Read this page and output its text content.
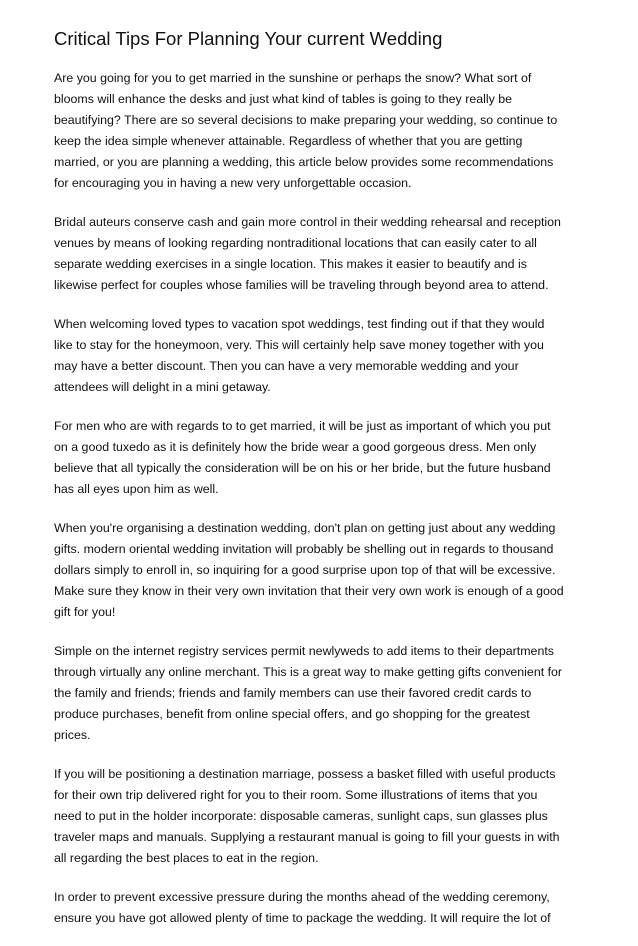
Critical Tips For Planning Your current Wedding

Are you going for you to get married in the sunshine or perhaps the snow? What sort of
blooms will enhance the desks and just what kind of tables is going to they really be
beautifying? There are so several decisions to make preparing your wedding, so continue to
keep the idea simple whenever attainable. Regardless of whether that you are getting
married, or you are planning a wedding, this article below provides some recommendations
for encouraging you in having a new very unforgettable occasion.

Bridal auteurs conserve cash and gain more control in their wedding rehearsal and reception
venues by means of looking regarding nontraditional locations that can easily cater to all
separate wedding exercises in a single location. This makes it easier to beautify and is
likewise perfect for couples whose families will be traveling through beyond area to attend.

When welcoming loved types to vacation spot weddings, test finding out if that they would
like to stay for the honeymoon, very. This will certainly help save money together with you
may have a better discount. Then you can have a very memorable wedding and your
attendees will delight in a mini getaway.

For men who are with regards to to get married, it will be just as important of which you put
on a good tuxedo as it is definitely how the bride wear a good gorgeous dress. Men only
believe that all typically the consideration will be on his or her bride, but the future husband
has all eyes upon him as well.

When you're organising a destination wedding, don't plan on getting just about any wedding
gifts. modern oriental wedding invitation will probably be shelling out in regards to thousand
dollars simply to enroll in, so inquiring for a good surprise upon top of that will be excessive.
Make sure they know in their very own invitation that their very own work is enough of a good
gift for you!

Simple on the internet registry services permit newlyweds to add items to their departments
through virtually any online merchant. This is a great way to make getting gifts convenient for
the family and friends; friends and family members can use their favored credit cards to
produce purchases, benefit from online special offers, and go shopping for the greatest
prices.

If you will be positioning a destination marriage, possess a basket filled with useful products
for their own trip delivered right for you to their room. Some illustrations of items that you
need to put in the holder incorporate: disposable cameras, sunlight caps, sun glasses plus
traveler maps and manuals. Supplying a restaurant manual is going to fill your guests in with
all regarding the best places to eat in the region.

In order to prevent excessive pressure during the months ahead of the wedding ceremony,
ensure you have got allowed plenty of time to package the wedding. It will require the lot of
